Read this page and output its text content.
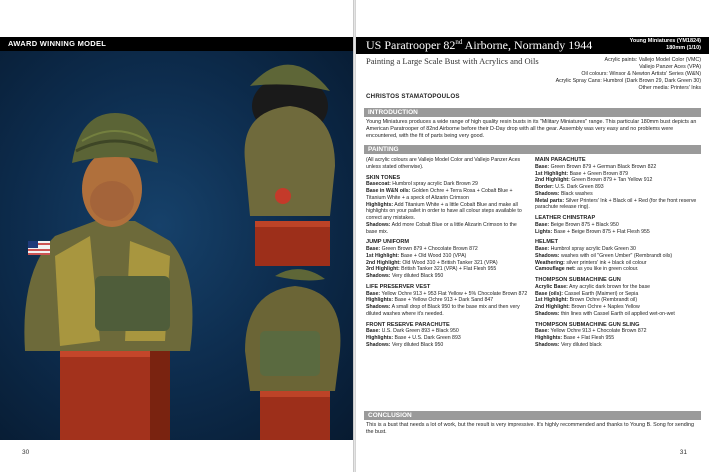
AWARD WINNING MODEL
30
US Paratrooper 82nd Airborne, Normandy 1944	Young Miniatures (YM1824)
180mm (1/10)
Painting a Large Scale Bust with Acrylics and Oils	Acrylic paints: Vallejo Model Color (VMC)
Vallejo Panzer Aces (VPA)
Oil colours: Winsor & Newton Artists' Series (W&N)
Acrylic Spray Cans: Humbrol (Dark Brown 29, Dark Green 30)
Other media: Printers' Inks
CHRISTOS STAMATOPOULOS
INTRODUCTION
Young Miniatures produces a wide range of high quality resin busts in its "Military Miniatures" range. This particular 180mm bust depicts an American Paratrooper of 82nd Airborne before their D-Day drop with all the gear. Assembly was very easy and no problems were encountered, with the fit of parts being very good.
PAINTING
(All acrylic colours are Vallejo Model Color and Vallejo Panzer Aces unless stated otherwise).
SKIN TONES
Basecoat: Humbrol spray acrylic Dark Brown 29
Base in W&N oils: Golden Ochre + Terra Rosa + Cobalt Blue + Titanium White + a speck of Alizarin Crimson
Highlights: Add Titanium White + a little Cobalt Blue and make all highlights on your pallet in order to have all colour steps available to correct any mistakes.
Shadows: Add more Cobalt Blue or a little Alizarin Crimson to the base mix.
JUMP UNIFORM
Base: Green Brown 879 + Chocolate Brown 872
1st Highlight: Base + Old Wood 310 (VPA)
2nd Highlight: Old Wood 310 + British Tanker 321 (VPA)
3rd Highlight: British Tanker 321 (VPA) + Flat Flesh 955
Shadows: Very diluted Black 950
LIFE PRESERVER VEST
Base: Yellow Ochre 913 + 953 Flat Yellow + 5% Chocolate Brown 872
Highlights: Base + Yellow Ochre 913 + Dark Sand 847
Shadows: A small drop of Black 950 to the base mix and then very diluted washes where it's needed.
FRONT RESERVE PARACHUTE
Base: U.S. Dark Green 893 + Black 950
Highlights: Base + U.S. Dark Green 893
Shadows: Very diluted Black 950
MAIN PARACHUTE
Base: Green Brown 879 + German Black Brown 822
1st Highlight: Base + Green Brown 879
2nd Highlight: Green Brown 879 + Tan Yellow 912
Border: U.S. Dark Green 893
Shadows: Black washes
Metal parts: Silver Printers' Ink + Black oil + Red (for the front reserve parachute release ring).
LEATHER CHINSTRAP
Base: Beige Brown 875 + Black 950
Lights: Base + Beige Brown 875 + Flat Flesh 955
HELMET
Base: Humbrol spray acrylic Dark Green 30
Shadows: washes with oil "Green Umber" (Rembrandt oils)
Weathering: silver printers' ink + black oil colour
Camouflage net: as you like in green colour.
THOMPSON SUBMACHINE GUN
Acrylic Base: Any acrylic dark brown for the base
Base (oils): Cassel Earth (Maimeri) or Sepia
1st Highlight: Brown Ochre (Rembrandt oil)
2nd Highlight: Brown Ochre + Naples Yellow
Shadows: thin lines with Cassel Earth oil applied wet-on-wet
THOMPSON SUBMACHINE GUN SLING
Base: Yellow Ochre 913 + Chocolate Brown 872
Highlights: Base + Flat Flesh 955
Shadows: Very diluted black
CONCLUSION
This is a bust that needs a lot of work, but the result is very impressive. It's highly recommended and thanks to Young B. Song for sending the bust.
31
